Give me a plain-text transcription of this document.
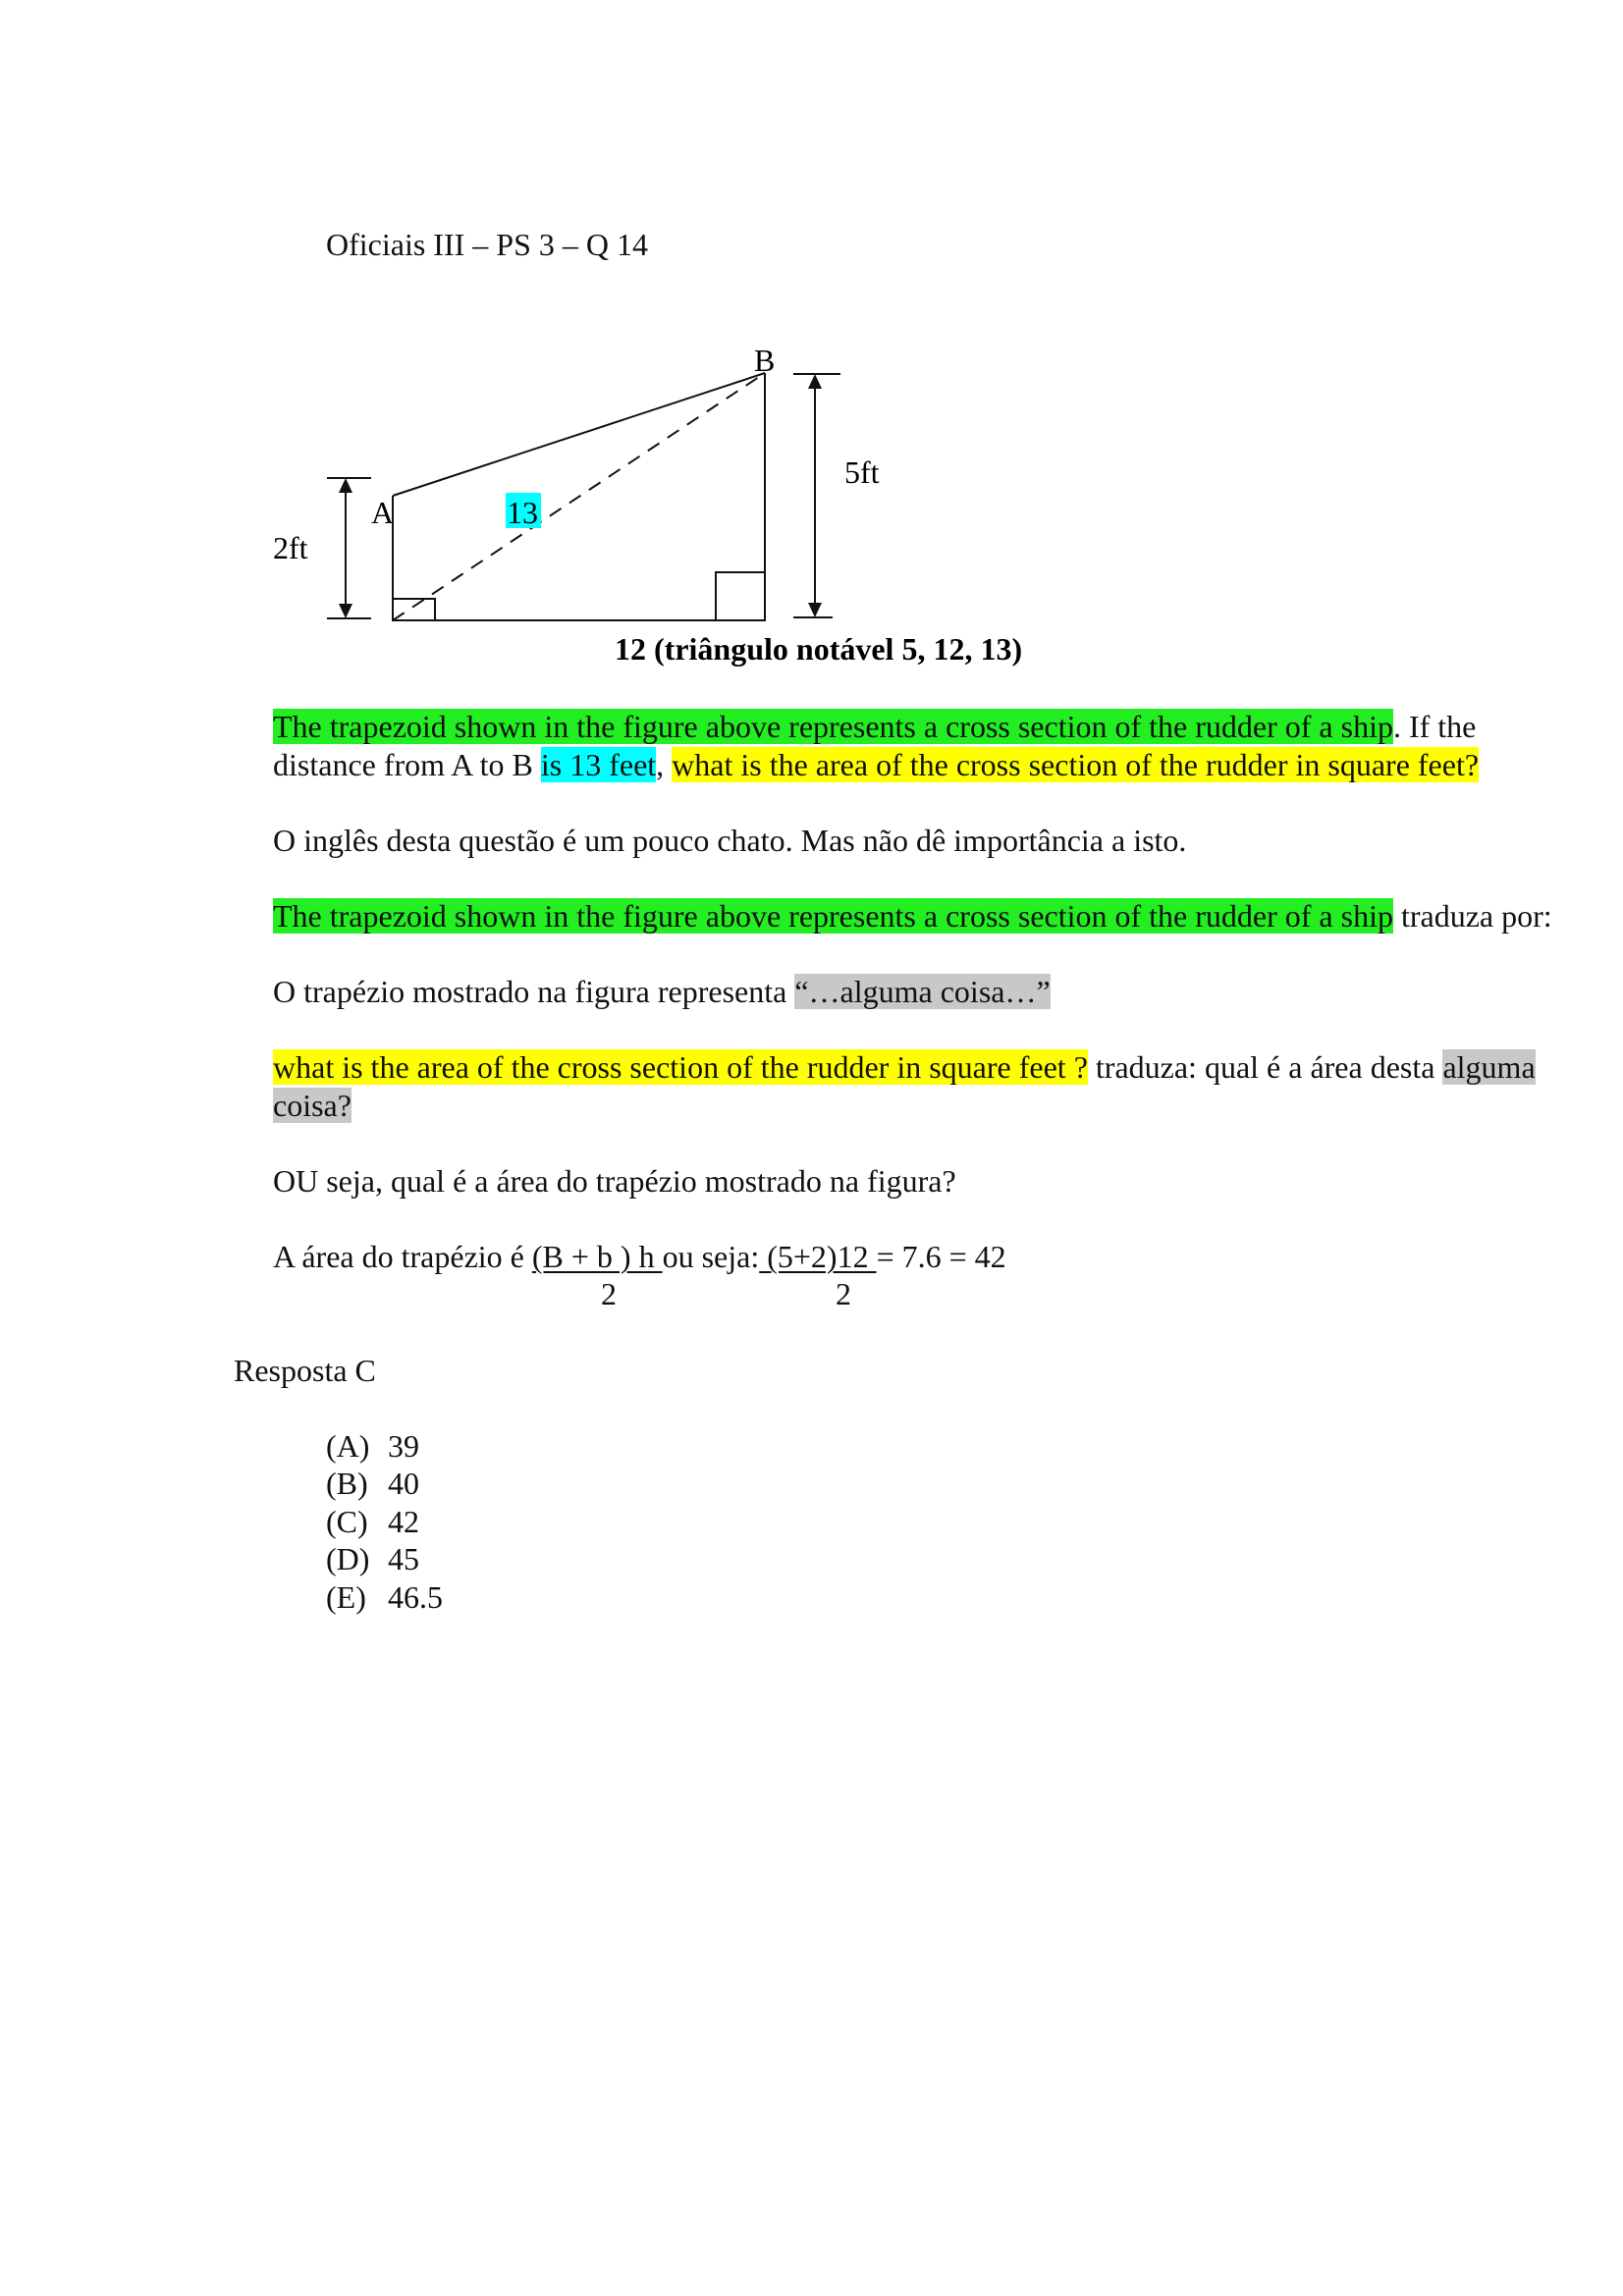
Oficiais III – PS 3 – Q 14
B
A	13
5ft
2ft
12 (triângulo notável 5, 12, 13)
The trapezoid shown in the figure above represents a cross section of the rudder of a ship. If the
distance from A to B is 13 feet, what is the area of the cross section of the rudder in square feet?
O inglês desta questão é um pouco chato. Mas não dê importância a isto.
The trapezoid shown in the figure above represents a cross section of the rudder of a ship traduza por:
O trapézio mostrado na figura representa “…alguma coisa…”
what is the area of the cross section of the rudder in square feet ? traduza: qual é a área desta alguma
coisa?
OU seja, qual é a área do trapézio mostrado na figura?
A área do trapézio é (B + b ) h ou seja: (5+2)12 = 7.6 = 42
2	2
Resposta C
(A) 39
(B) 40
(C) 42
(D) 45
(E) 46.5
